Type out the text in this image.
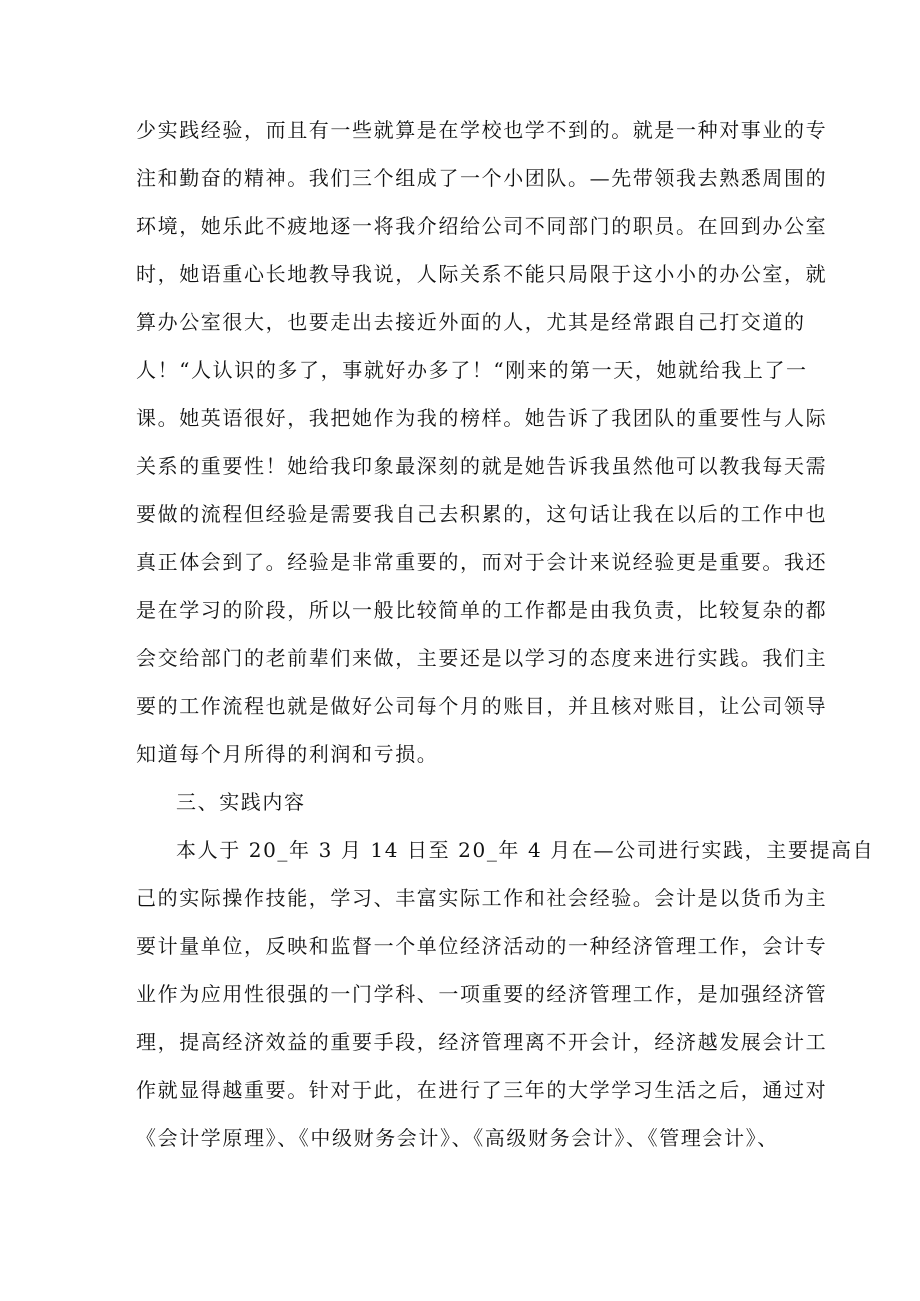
少实践经验，而且有一些就算是在学校也学不到的。就是一种对事业的专
注和勤奋的精神。我们三个组成了一个小团队。—先带领我去熟悉周围的
环境，她乐此不疲地逐一将我介绍给公司不同部门的职员。在回到办公室
时，她语重心长地教导我说，人际关系不能只局限于这小小的办公室，就
算办公室很大，也要走出去接近外面的人，尤其是经常跟自己打交道的
人！“人认识的多了，事就好办多了！“刚来的第一天，她就给我上了一
课。她英语很好，我把她作为我的榜样。她告诉了我团队的重要性与人际
关系的重要性！她给我印象最深刻的就是她告诉我虽然他可以教我每天需
要做的流程但经验是需要我自己去积累的，这句话让我在以后的工作中也
真正体会到了。经验是非常重要的，而对于会计来说经验更是重要。我还
是在学习的阶段，所以一般比较简单的工作都是由我负责，比较复杂的都
会交给部门的老前辈们来做，主要还是以学习的态度来进行实践。我们主
要的工作流程也就是做好公司每个月的账目，并且核对账目，让公司领导
知道每个月所得的利润和亏损。
三、实践内容
本人于 20_年 3 月 14 日至 20_年 4 月在—公司进行实践，主要提高自
己的实际操作技能，学习、丰富实际工作和社会经验。会计是以货币为主
要计量单位，反映和监督一个单位经济活动的一种经济管理工作，会计专
业作为应用性很强的一门学科、一项重要的经济管理工作，是加强经济管
理，提高经济效益的重要手段，经济管理离不开会计，经济越发展会计工
作就显得越重要。针对于此，在进行了三年的大学学习生活之后，通过对
《会计学原理》、《中级财务会计》、《高级财务会计》、《管理会计》、
